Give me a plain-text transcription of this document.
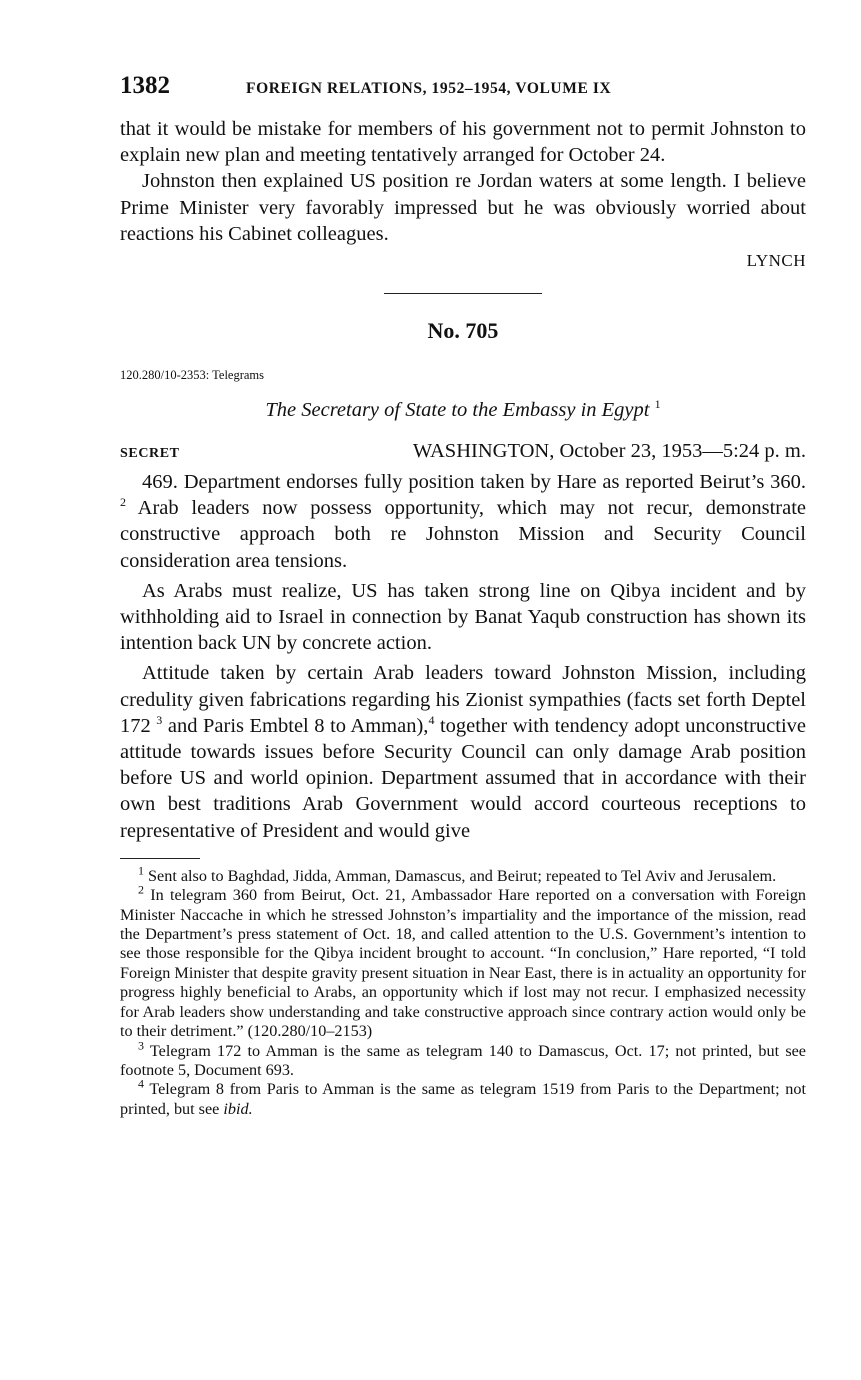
1382	FOREIGN RELATIONS, 1952–1954, VOLUME IX

that it would be mistake for members of his government not to permit Johnston to explain new plan and meeting tentatively arranged for October 24.

Johnston then explained US position re Jordan waters at some length. I believe Prime Minister very favorably impressed but he was obviously worried about reactions his Cabinet colleagues.

LYNCH
No. 705
120.280/10-2353: Telegrams
The Secretary of State to the Embassy in Egypt $^1$
SECRET	WASHINGTON, October 23, 1953—5:24 p. m.

469. Department endorses fully position taken by Hare as reported Beirut’s 360. $^2$ Arab leaders now possess opportunity, which may not recur, demonstrate constructive approach both re Johnston Mission and Security Council consideration area tensions.

As Arabs must realize, US has taken strong line on Qibya incident and by withholding aid to Israel in connection by Banat Yaqub construction has shown its intention back UN by concrete action.

Attitude taken by certain Arab leaders toward Johnston Mission, including credulity given fabrications regarding his Zionist sympathies (facts set forth Deptel 172 $^3$ and Paris Embtel 8 to Amman),$^4$ together with tendency adopt unconstructive attitude towards issues before Security Council can only damage Arab position before US and world opinion. Department assumed that in accordance with their own best traditions Arab Government would accord courteous receptions to representative of President and would give

$^1$ Sent also to Baghdad, Jidda, Amman, Damascus, and Beirut; repeated to Tel Aviv and Jerusalem.

$^2$ In telegram 360 from Beirut, Oct. 21, Ambassador Hare reported on a conversation with Foreign Minister Naccache in which he stressed Johnston’s impartiality and the importance of the mission, read the Department’s press statement of Oct. 18, and called attention to the U.S. Government’s intention to see those responsible for the Qibya incident brought to account. “In conclusion,” Hare reported, “I told Foreign Minister that despite gravity present situation in Near East, there is in actuality an opportunity for progress highly beneficial to Arabs, an opportunity which if lost may not recur. I emphasized necessity for Arab leaders show understanding and take constructive approach since contrary action would only be to their detriment.” (120.280/10–2153)

$^3$ Telegram 172 to Amman is the same as telegram 140 to Damascus, Oct. 17; not printed, but see footnote 5, Document 693.

$^4$ Telegram 8 from Paris to Amman is the same as telegram 1519 from Paris to the Department; not printed, but see ibid.
